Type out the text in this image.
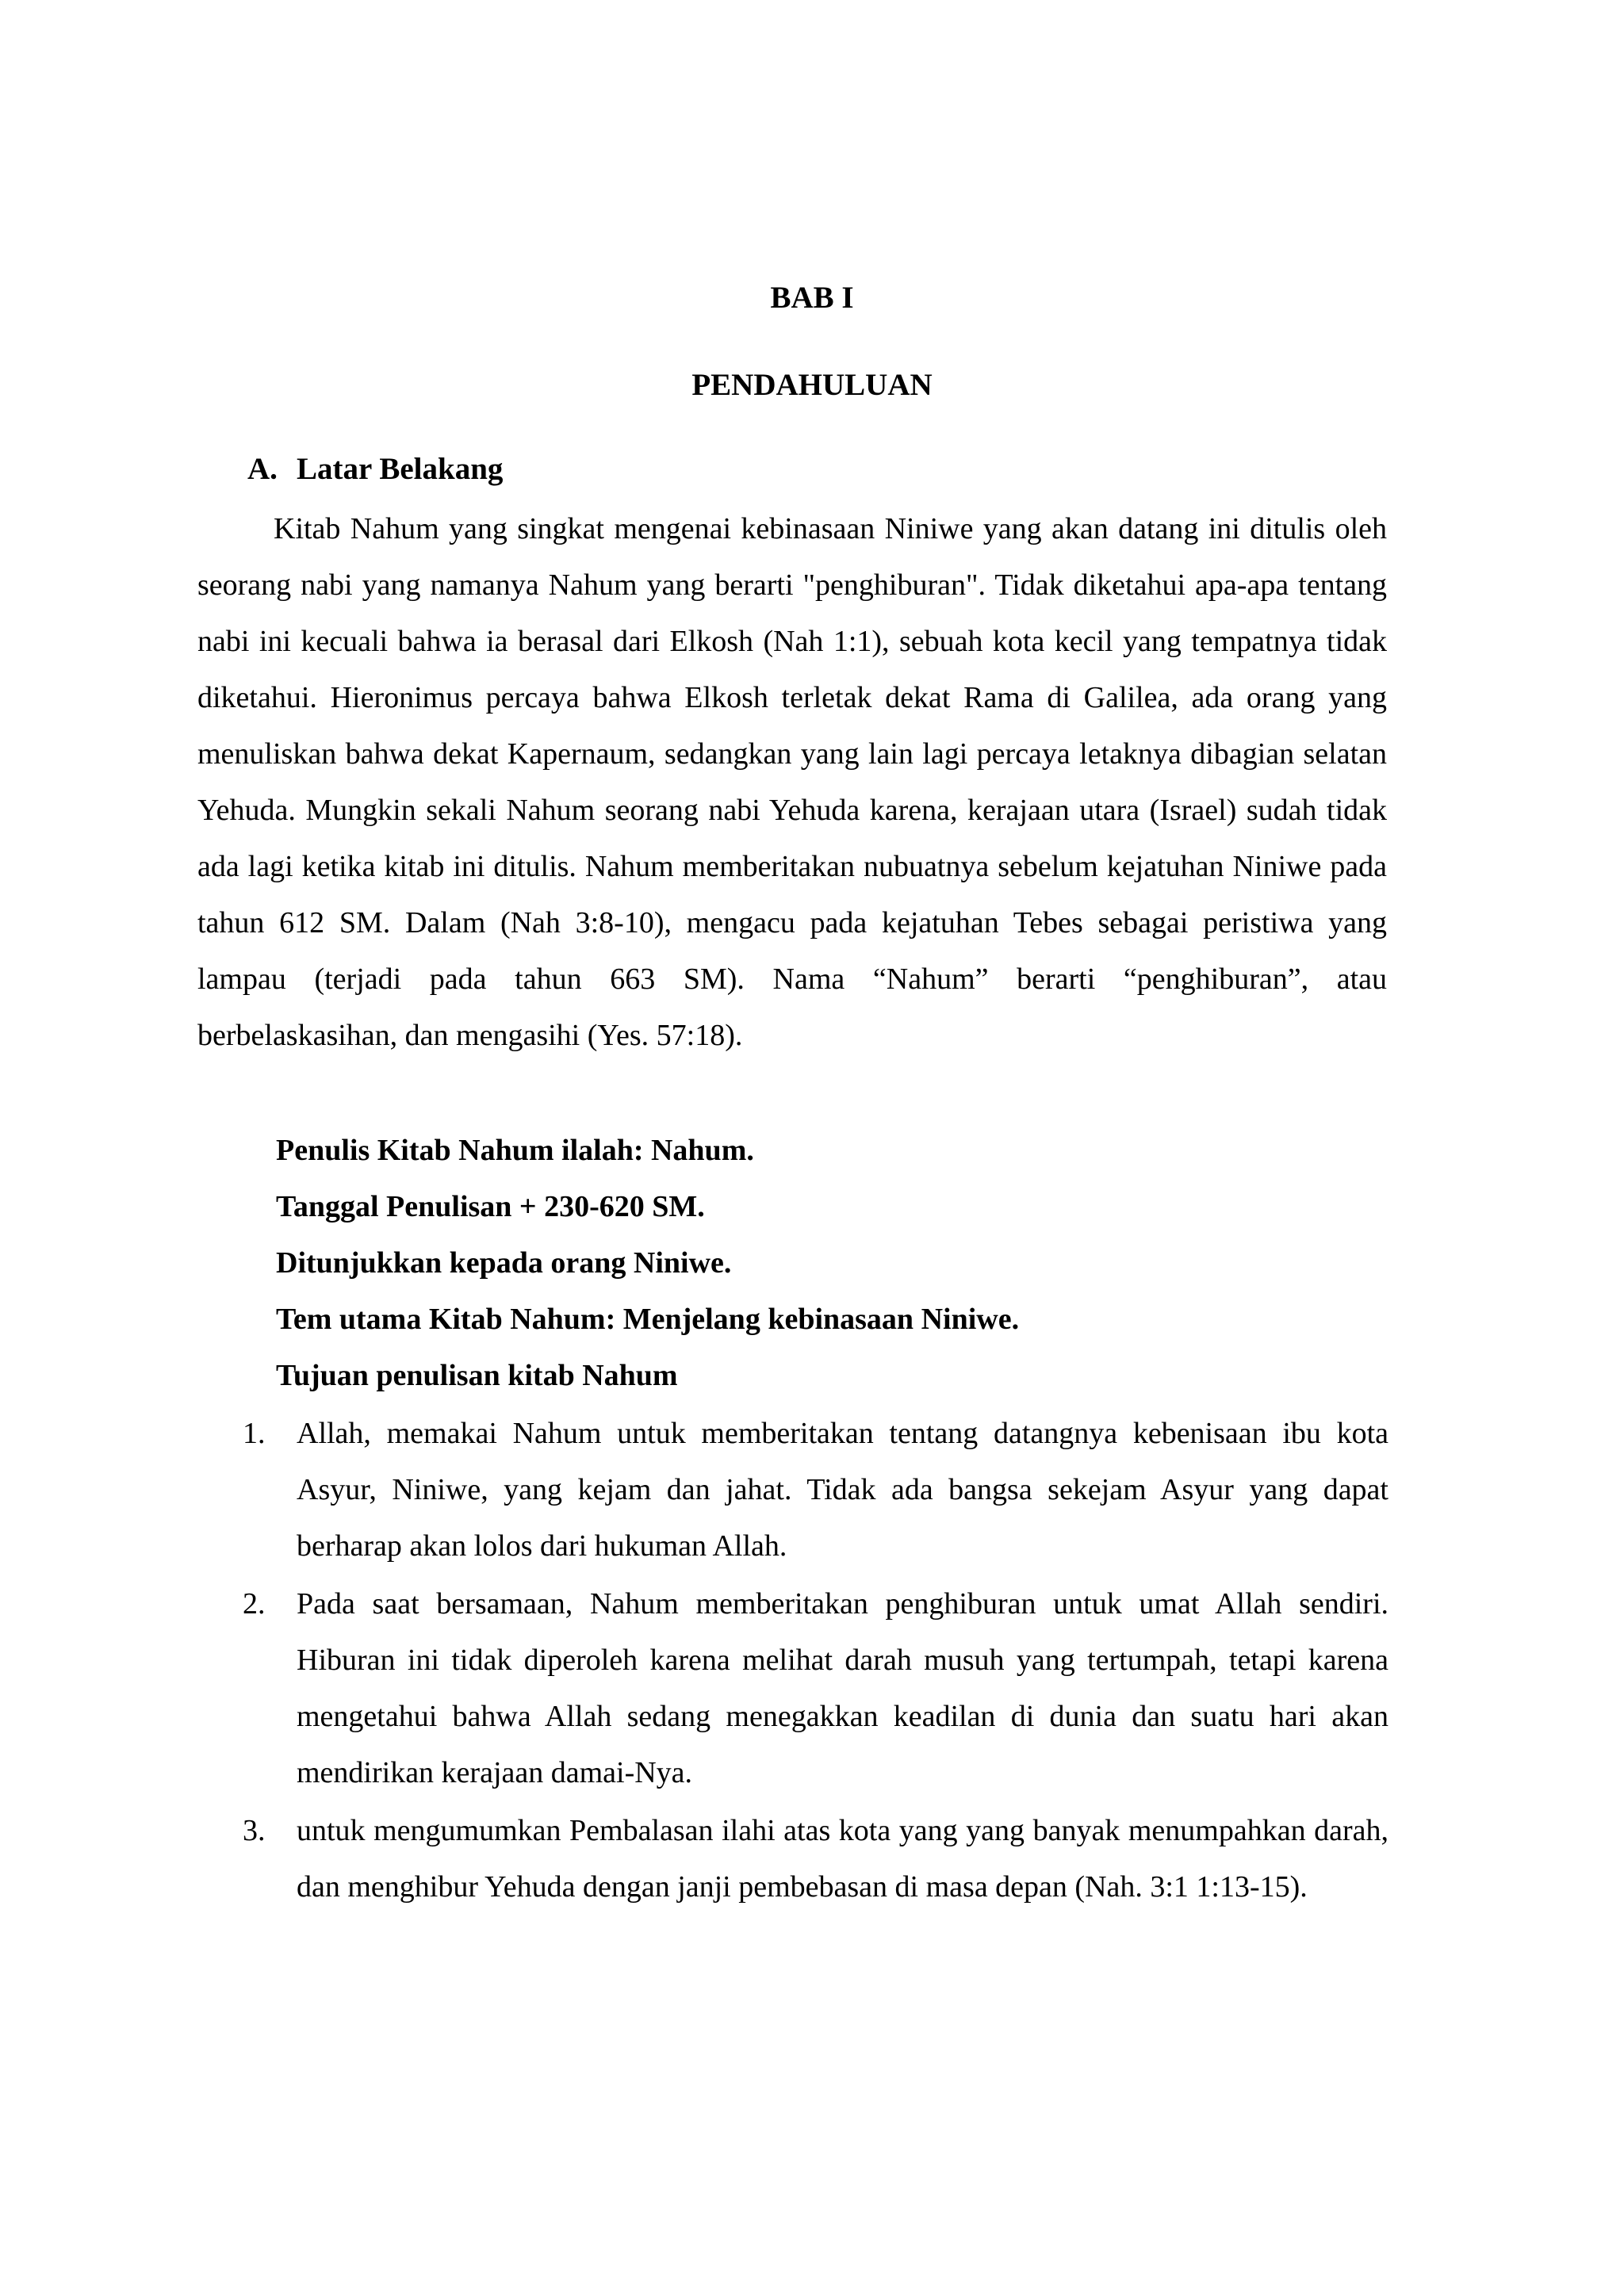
BAB I
PENDAHULUAN
A. Latar Belakang

Kitab Nahum yang singkat mengenai kebinasaan Niniwe yang akan datang ini ditulis oleh seorang nabi yang namanya Nahum yang berarti "penghiburan". Tidak diketahui apa-apa tentang nabi ini kecuali bahwa ia berasal dari Elkosh (Nah 1:1), sebuah kota kecil yang tempatnya tidak diketahui. Hieronimus percaya bahwa Elkosh terletak dekat Rama di Galilea, ada orang yang menuliskan bahwa dekat Kapernaum, sedangkan yang lain lagi percaya letaknya dibagian selatan Yehuda. Mungkin sekali Nahum seorang nabi Yehuda karena, kerajaan utara (Israel) sudah tidak ada lagi ketika kitab ini ditulis. Nahum memberitakan nubuatnya sebelum kejatuhan Niniwe pada tahun 612 SM. Dalam (Nah 3:8-10), mengacu pada kejatuhan Tebes sebagai peristiwa yang lampau (terjadi pada tahun 663 SM). Nama “Nahum” berarti “penghiburan”, atau berbelaskasihan, dan mengasihi (Yes. 57:18).

Penulis Kitab Nahum ilalah: Nahum.
Tanggal Penulisan + 230-620 SM.
Ditunjukkan kepada orang Niniwe.
Tem utama Kitab Nahum: Menjelang kebinasaan Niniwe.
Tujuan penulisan kitab Nahum
1. Allah, memakai Nahum untuk memberitakan tentang datangnya kebenisaan ibu kota Asyur, Niniwe, yang kejam dan jahat. Tidak ada bangsa sekejam Asyur yang dapat berharap akan lolos dari hukuman Allah.
2. Pada saat bersamaan, Nahum memberitakan penghiburan untuk umat Allah sendiri. Hiburan ini tidak diperoleh karena melihat darah musuh yang tertumpah, tetapi karena mengetahui bahwa Allah sedang menegakkan keadilan di dunia dan suatu hari akan mendirikan kerajaan damai-Nya.
3. untuk mengumumkan Pembalasan ilahi atas kota yang yang banyak menumpahkan darah, dan menghibur Yehuda dengan janji pembebasan di masa depan (Nah. 3:1 1:13-15).
